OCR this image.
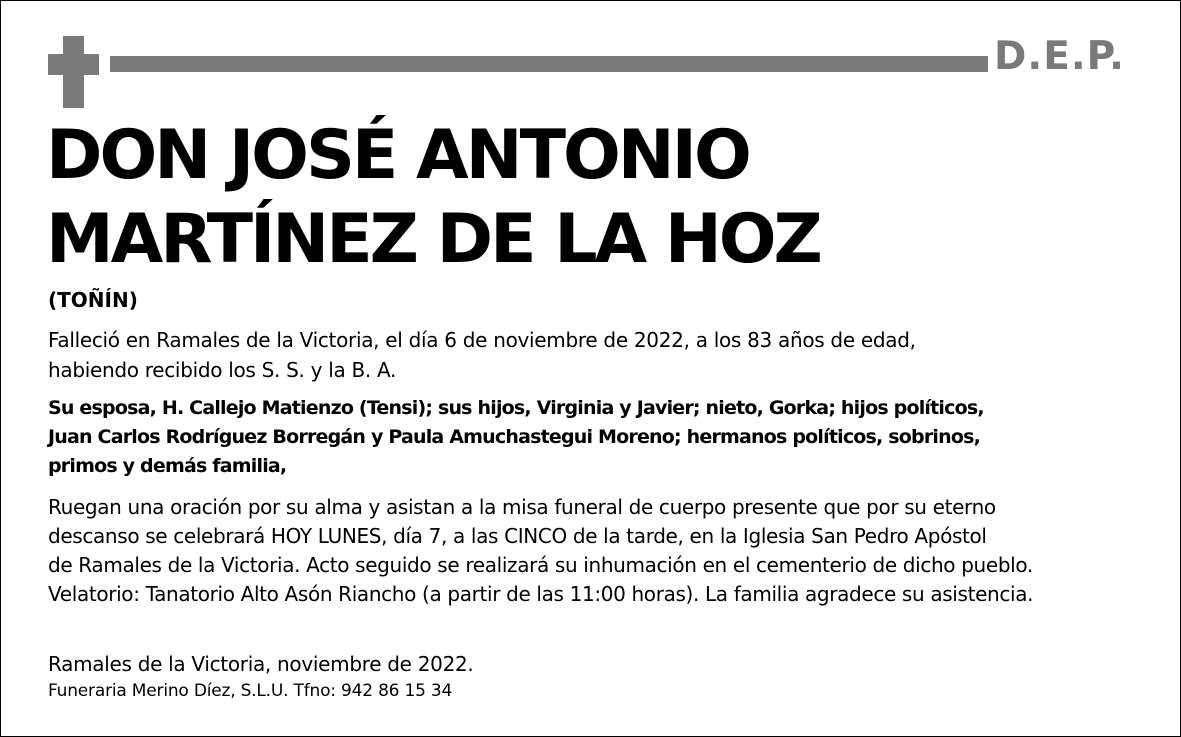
D.E.P.
DON JOSÉ ANTONIO
MARTÍNEZ DE LA HOZ
(TOÑÍN)
Falleció en Ramales de la Victoria, el día 6 de noviembre de 2022, a los 83 años de edad,
habiendo recibido los S. S. y la B. A.
Su esposa, H. Callejo Matienzo (Tensi); sus hijos, Virginia y Javier; nieto, Gorka; hijos políticos,
Juan Carlos Rodríguez Borregán y Paula Amuchastegui Moreno; hermanos políticos, sobrinos,
primos y demás familia,
Ruegan una oración por su alma y asistan a la misa funeral de cuerpo presente que por su eterno
descanso se celebrará HOY LUNES, día 7, a las CINCO de la tarde, en la Iglesia San Pedro Apóstol
de Ramales de la Victoria. Acto seguido se realizará su inhumación en el cementerio de dicho pueblo.
Velatorio: Tanatorio Alto Asón Riancho (a partir de las 11:00 horas). La familia agradece su asistencia.
Ramales de la Victoria, noviembre de 2022.
Funeraria Merino Díez, S.L.U. Tfno: 942 86 15 34
